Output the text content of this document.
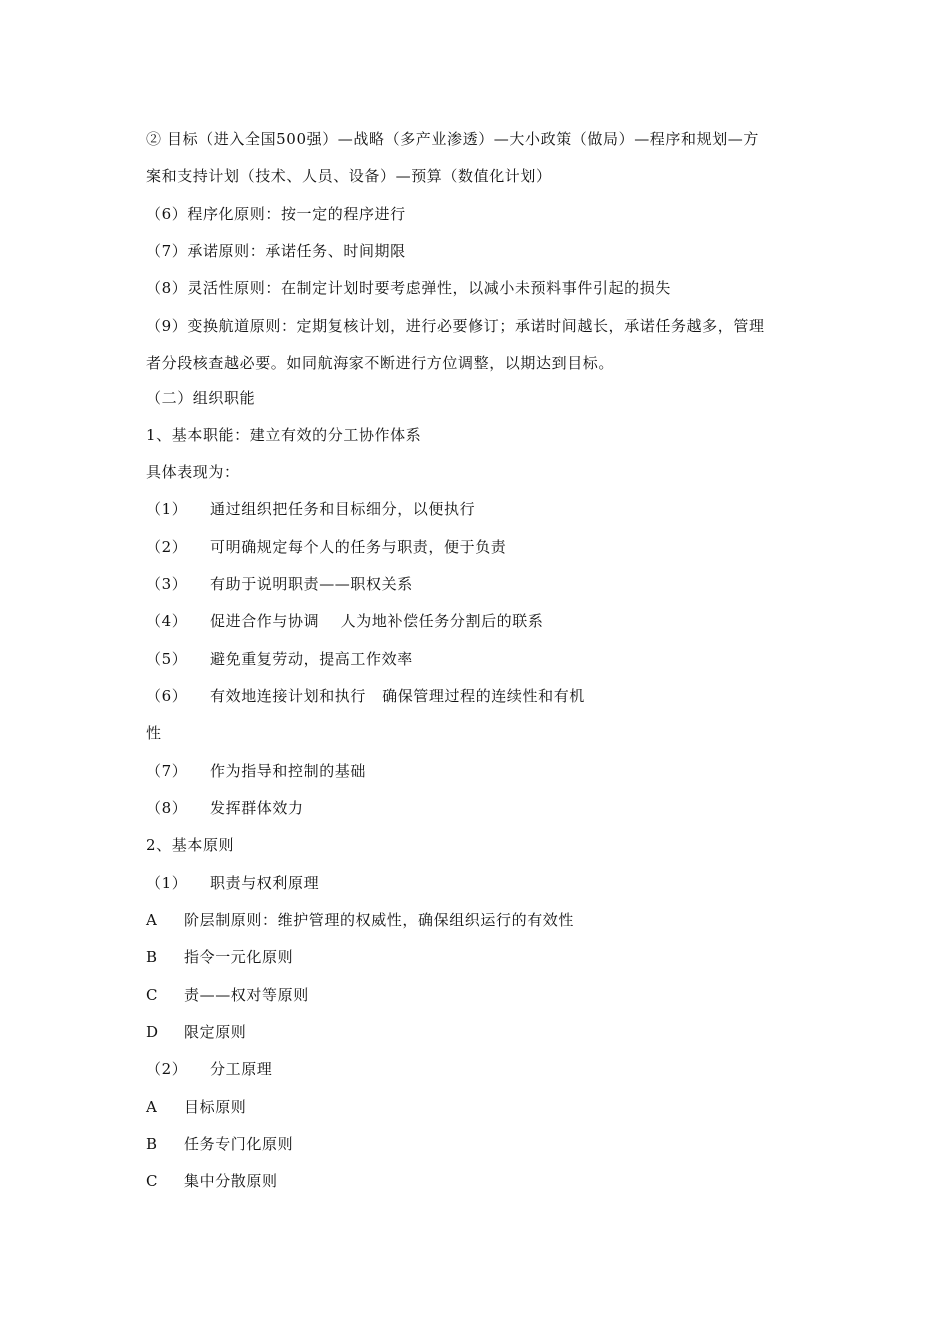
② 目标（进入全国500强）—战略（多产业渗透）—大小政策（做局）—程序和规划—方
案和支持计划（技术、人员、设备）—预算（数值化计划）
（6）程序化原则：按一定的程序进行
（7）承诺原则：承诺任务、时间期限
（8）灵活性原则：在制定计划时要考虑弹性，以减小未预料事件引起的损失
（9）变换航道原则：定期复核计划，进行必要修订；承诺时间越长，承诺任务越多，管理
者分段核查越必要。如同航海家不断进行方位调整，以期达到目标。
（二）组织职能
1、基本职能：建立有效的分工协作体系
具体表现为：
（1） 通过组织把任务和目标细分，以便执行
（2） 可明确规定每个人的任务与职责，便于负责
（3） 有助于说明职责——职权关系
（4） 促进合作与协调    人为地补偿任务分割后的联系
（5） 避免重复劳动，提高工作效率
（6） 有效地连接计划和执行   确保管理过程的连续性和有机
性
（7） 作为指导和控制的基础
（8） 发挥群体效力
2、基本原则
（1） 职责与权利原理
A 阶层制原则：维护管理的权威性，确保组织运行的有效性
B 指令一元化原则
C 责——权对等原则
D 限定原则
（2） 分工原理
A 目标原则
B 任务专门化原则
C 集中分散原则
